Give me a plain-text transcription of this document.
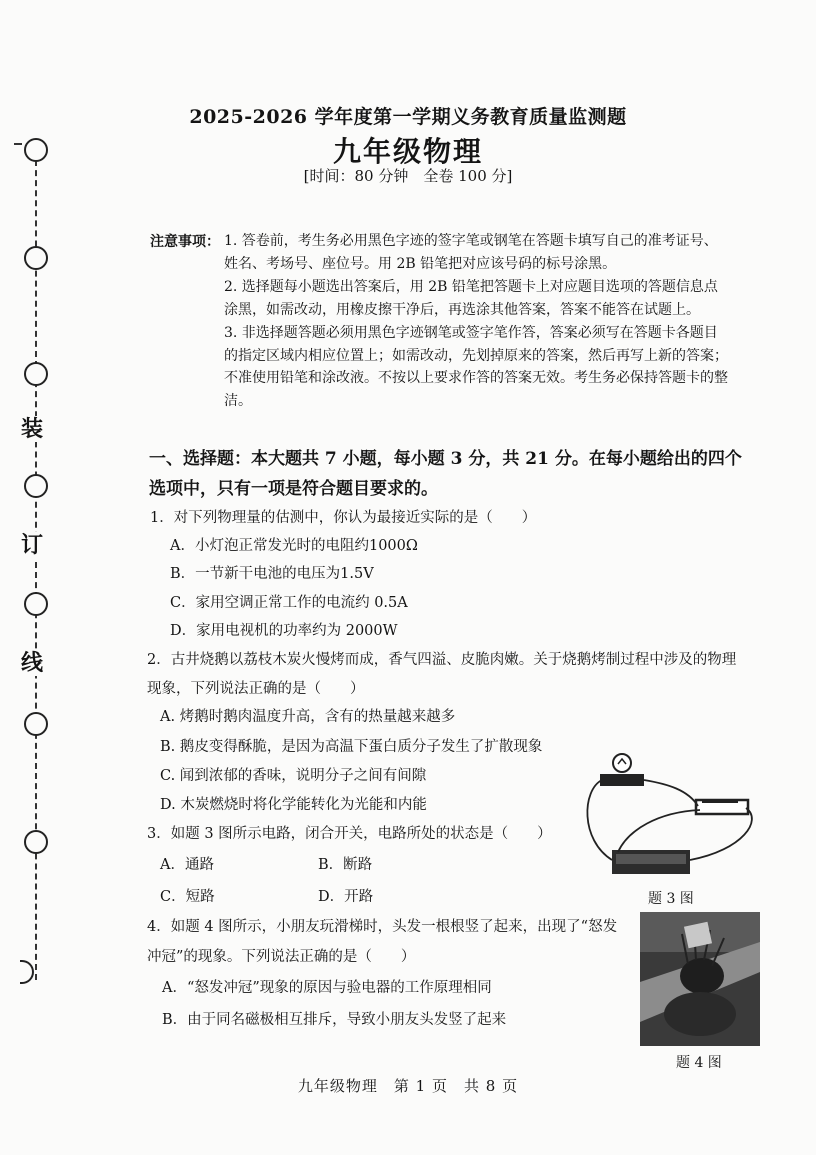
装
订
线
2025-2026 学年度第一学期义务教育质量监测题
九年级物理
[时间：80 分钟　全卷 100 分]
注意事项： 1. 答卷前，考生务必用黑色字迹的签字笔或钢笔在答题卡填写自己的准考证号、姓名、考场号、座位号。用 2B 铅笔把对应该号码的标号涂黑。
2. 选择题每小题选出答案后，用 2B 铅笔把答题卡上对应题目选项的答题信息点涂黑，如需改动，用橡皮擦干净后，再选涂其他答案，答案不能答在试题上。
3. 非选择题答题必须用黑色字迹钢笔或签字笔作答，答案必须写在答题卡各题目的指定区域内相应位置上；如需改动，先划掉原来的答案，然后再写上新的答案；不准使用铅笔和涂改液。不按以上要求作答的答案无效。考生务必保持答题卡的整洁。
一、选择题：本大题共 7 小题，每小题 3 分，共 21 分。在每小题给出的四个选项中，只有一项是符合题目要求的。
1．对下列物理量的估测中，你认为最接近实际的是（　　）
A．小灯泡正常发光时的电阻约1000Ω
B．一节新干电池的电压为1.5V
C．家用空调正常工作的电流约 0.5A
D．家用电视机的功率约为 2000W
2．古井烧鹅以荔枝木炭火慢烤而成，香气四溢、皮脆肉嫩。关于烧鹅烤制过程中涉及的物理
现象，下列说法正确的是（　　）
A. 烤鹅时鹅肉温度升高，含有的热量越来越多
B. 鹅皮变得酥脆，是因为高温下蛋白质分子发生了扩散现象
C. 闻到浓郁的香味，说明分子之间有间隙
D. 木炭燃烧时将化学能转化为光能和内能
3．如题 3 图所示电路，闭合开关，电路所处的状态是（　　）
A．通路	B．断路
C．短路	D．开路	题 3 图
4．如题 4 图所示，小朋友玩滑梯时，头发一根根竖了起来，出现了“怒发
冲冠”的现象。下列说法正确的是（　　）
A．“怒发冲冠”现象的原因与验电器的工作原理相同
B．由于同名磁极相互排斥，导致小朋友头发竖了起来
题 4 图
九年级物理　第 1 页　共 8 页
